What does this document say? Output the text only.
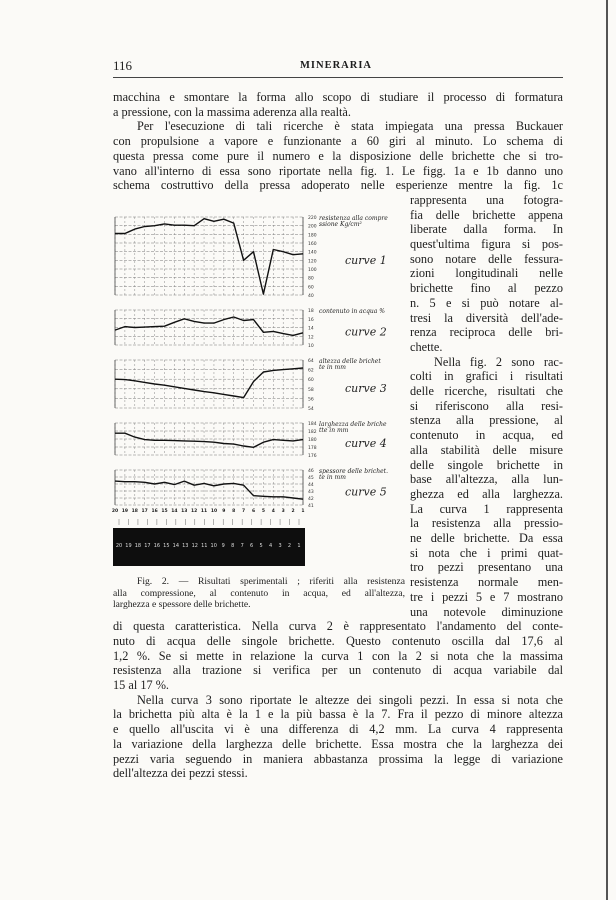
116	MINERARIA
macchina e smontare la forma allo scopo di studiare il processo di formatura
a pressione, con la massima aderenza alla realtà.
Per l'esecuzione di tali ricerche è stata impiegata una pressa Buckauer
con propulsione a vapore e funzionante a 60 giri al minuto. Lo schema di
questa pressa come pure il numero e la disposizione delle brichette che si tro-
vano all'interno di essa sono riportate nella fig. 1. Le figg. 1a e 1b danno uno
schema costruttivo della pressa adoperato nelle esperienze mentre la fig. 1c
rappresenta una fotogra-
fia delle brichette appena
liberate dalla forma. In
quest'ultima figura si pos-
sono notare delle fessura-
zioni longitudinali nelle
brichette fino al pezzo
n. 5 e si può notare al-
tresi la diversità dell'ade-
renza reciproca delle bri-
chette.
Nella fig. 2 sono rac-
colti in grafici i risultati
delle ricerche, risultati che
si riferiscono alla resi-
stenza alla pressione, al
contenuto in acqua, ed
alla stabilità delle misure
delle singole brichette in
base all'altezza, alla lun-
ghezza ed alla larghezza.
La curva 1 rappresenta
la resistenza alla pressio-
ne delle brichette. Da essa
si nota che i primi quat-
tro pezzi presentano una
resistenza normale men-
tre i pezzi 5 e 7 mostrano
una notevole diminuzione
di questa caratteristica. Nella curva 2 è rappresentato l'andamento del conte-
nuto di acqua delle singole brichette. Questo contenuto oscilla dal 17,6 al
1,2 %. Se si mette in relazione la curva 1 con la 2 si nota che la massima
resistenza alla trazione si verifica per un contenuto di acqua variabile dal
15 al 17 %.
Nella curva 3 sono riportate le altezze dei singoli pezzi. In essa si nota che
la brichetta più alta è la 1 e la più bassa è la 7. Fra il pezzo di minore altezza
e quello all'uscita vi è una differenza di 4,2 mm. La curva 4 rappresenta
la variazione della larghezza delle brichette. Essa mostra che la larghezza dei
pezzi varia seguendo in maniera abbastanza prossima la legge di variazione
dell'altezza dei pezzi stessi.
220
200
180
160
140
120
100
80
60
40
resistenza alla compre
ssione Kg/cm²
curve 1
18
16
14
12
10
contenuto in acqua %
curve 2
64
62
60
58
56
54
altezza delle brichet
te in mm
curve 3
184
182
180
178
176
larghezza delle briche
tte in mm
curve 4
46
45
44
43
42
41
spessore delle brichet.
te in mm
curve 5
20 19 18 17 16 15 14 13 12 11 10 9 8 7 6 5 4 3 2 1
20 19 18 17 16 15 14 13 12 11 10 9 8 7 6 5 4 3 2 1
Fig. 2. — Risultati sperimentali ; riferiti alla resistenza
alla compressione, al contenuto in acqua, ed all'altezza,
larghezza e spessore delle brichette.
